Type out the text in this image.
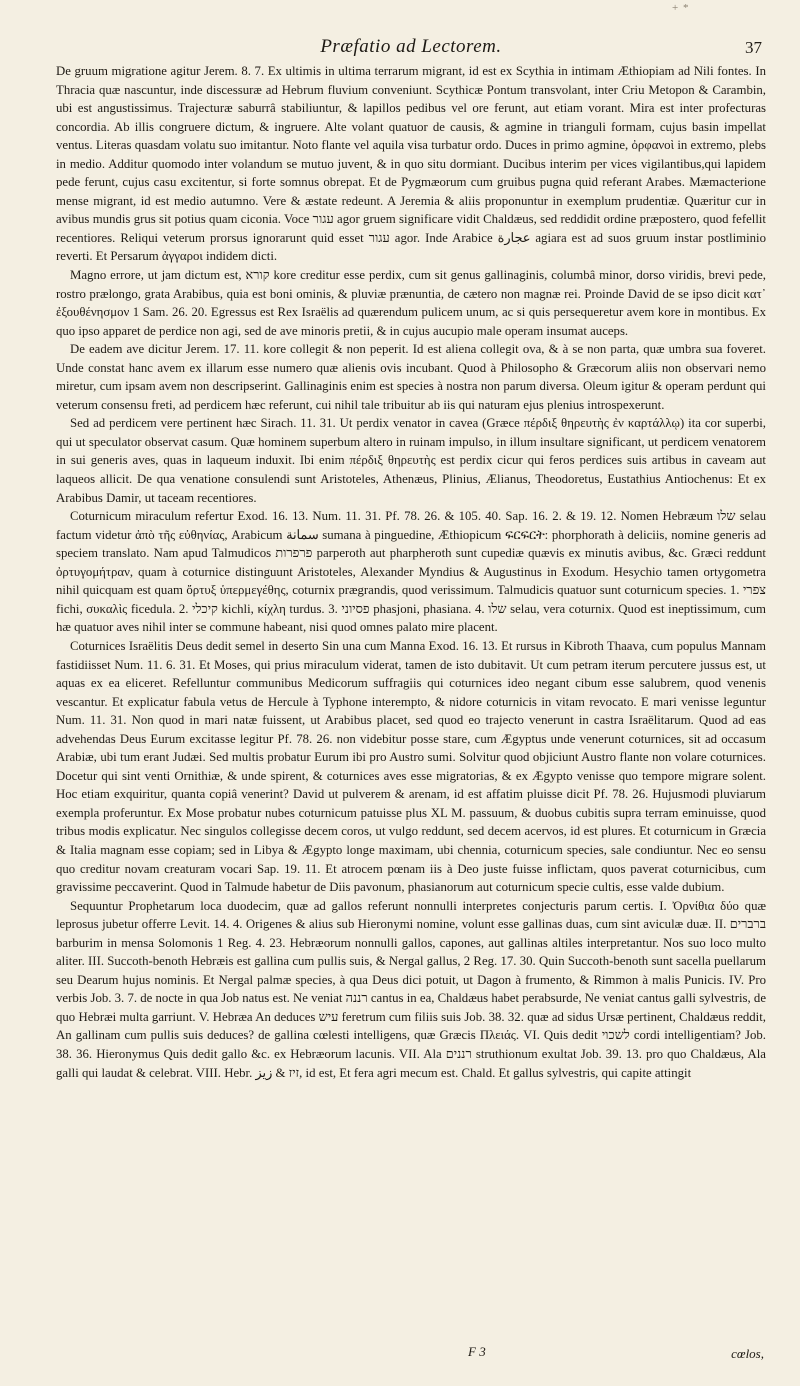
+ *
Præfatio ad Lectorem.	37

De gruum migratione agitur Jerem. 8. 7. Ex ultimis in ultima terrarum migrant, id est ex Scythia in intimam Æthiopiam ad Nili fontes. In Thracia quæ nascuntur, inde discessuræ ad Hebrum fluvium conveniunt. Scythicæ Pontum transvolant, inter Criu Metopon & Carambin, ubi est angustissimus. Trajecturæ saburrâ stabiliuntur, & lapillos pedibus vel ore ferunt, aut etiam vorant. Mira est inter profecturas concordia. Ab illis congruere dictum, & ingruere. Alte volant quatuor de causis, & agmine in trianguli formam, cujus basin impellat ventus. Literas quasdam volatu suo imitantur. Noto flante vel aquila visa turbatur ordo. Duces in primo agmine, ὀρφανοὶ in extremo, plebs in medio. Additur quomodo inter volandum se mutuo juvent, & in quo situ dormiant. Ducibus interim per vices vigilantibus,qui lapidem pede ferunt, cujus casu excitentur, si forte somnus obrepat. Et de Pygmæorum cum gruibus pugna quid referant Arabes. Mæmacterione mense migrant, id est medio autumno. Vere & æstate redeunt. A Jeremia & aliis proponuntur in exemplum prudentiæ. Quæritur cur in avibus mundis grus sit potius quam ciconia. Voce עגור agor gruem significare vidit Chaldæus, sed reddidit ordine præpostero, quod fefellit recentiores. Reliqui veterum prorsus ignorarunt quid esset עגור agor. Inde Arabice عجارة agiara est ad suos gruum instar postliminio reverti. Et Persarum ἀγγαροι indidem dicti.

Magno errore, ut jam dictum est, קורא kore creditur esse perdix, cum sit genus gallinaginis, columbâ minor, dorso viridis, brevi pede, rostro prælongo, grata Arabibus, quia est boni ominis, & pluviæ prænuntia, de cætero non magnæ rei. Proinde David de se ipso dicit κατ᾽ ἐξουθένησμον 1 Sam. 26. 20. Egressus est Rex Israëlis ad quærendum pulicem unum, ac si quis persequeretur avem kore in montibus. Ex quo ipso apparet de perdice non agi, sed de ave minoris pretii, & in cujus aucupio male operam insumat auceps.

De eadem ave dicitur Jerem. 17. 11. kore collegit & non peperit. Id est aliena collegit ova, & à se non parta, quæ umbra sua foveret. Unde constat hanc avem ex illarum esse numero quæ alienis ovis incubant. Quod à Philosopho & Græcorum aliis non observari nemo miretur, cum ipsam avem non descripserint. Gallinaginis enim est species à nostra non parum diversa. Oleum igitur & operam perdunt qui veterum consensu freti, ad perdicem hæc referunt, cui nihil tale tribuitur ab iis qui naturam ejus plenius introspexerunt.

Sed ad perdicem vere pertinent hæc Sirach. 11. 31. Ut perdix venator in cavea (Græce πέρδιξ θηρευτὴς ἐν καρτάλλῳ) ita cor superbi, qui ut speculator observat casum. Quæ hominem superbum altero in ruinam impulso, in illum insultare significant, ut perdicem venatorem in sui generis aves, quas in laqueum induxit. Ibi enim πέρδιξ θηρευτὴς est perdix cicur qui feros perdices suis artibus in caveam aut laqueos allicit. De qua venatione consulendi sunt Aristoteles, Athenæus, Plinius, Ælianus, Theodoretus, Eustathius Antiochenus: Et ex Arabibus Damir, ut taceam recentiores.

Coturnicum miraculum refertur Exod. 16. 13. Num. 11. 31. Pf. 78. 26. & 105. 40. Sap. 16. 2. & 19. 12. Nomen Hebræum שלו selau factum videtur ἀπὸ τῆς εὐθηνίας, Arabicum سمانة sumana à pinguedine, Æthiopicum ፍርፍርት: phorphorath à deliciis, nomine generis ad speciem translato. Nam apud Talmudicos פרפרות parperoth aut pharpheroth sunt cupediæ quævis ex minutis avibus, &c. Græci reddunt ὀρτυγομήτραν, quam à coturnice distinguunt Aristoteles, Alexander Myndius & Augustinus in Exodum. Hesychio tamen ortygometra nihil quicquam est quam ὄρτυξ ὑπερμεγέθης, coturnix prægrandis, quod verissimum. Talmudicis quatuor sunt coturnicum species. 1. צפרי fichi, συκαλὶς ficedula. 2. קיכלי kichli, κίχλη turdus. 3. פסיוני phasjoni, phasiana. 4. שלו selau, vera coturnix. Quod est ineptissimum, cum hæ quatuor aves nihil inter se commune habeant, nisi quod omnes palato mire placent.

Coturnices Israëlitis Deus dedit semel in deserto Sin una cum Manna Exod. 16. 13. Et rursus in Kibroth Thaava, cum populus Mannam fastidiisset Num. 11. 6. 31. Et Moses, qui prius miraculum viderat, tamen de isto dubitavit. Ut cum petram iterum percutere jussus est, ut aquas ex ea eliceret. Refelluntur communibus Medicorum suffragiis qui coturnices ideo negant cibum esse salubrem, quod venenis vescantur. Et explicatur fabula vetus de Hercule à Typhone interempto, & nidore coturnicis in vitam revocato. E mari venisse leguntur Num. 11. 31. Non quod in mari natæ fuissent, ut Arabibus placet, sed quod eo trajecto venerunt in castra Israëlitarum. Quod ad eas advehendas Deus Eurum excitasse legitur Pf. 78. 26. non videbitur posse stare, cum Ægyptus unde venerunt coturnices, sit ad occasum Arabiæ, ubi tum erant Judæi. Sed multis probatur Eurum ibi pro Austro sumi. Solvitur quod objiciunt Austro flante non volare coturnices. Docetur qui sint venti Ornithiæ, & unde spirent, & coturnices aves esse migratorias, & ex Ægypto venisse quo tempore migrare solent. Hoc etiam exquiritur, quanta copiâ venerint? David ut pulverem & arenam, id est affatim pluisse dicit Pf. 78. 26. Hujusmodi pluviarum exempla proferuntur. Ex Mose probatur nubes coturnicum patuisse plus XL M. passuum, & duobus cubitis supra terram eminuisse, quod tribus modis explicatur. Nec singulos collegisse decem coros, ut vulgo reddunt, sed decem acervos, id est plures. Et coturnicum in Græcia & Italia magnam esse copiam; sed in Libya & Ægypto longe maximam, ubi chennia, coturnicum species, sale condiuntur. Nec eo sensu quo creditur novam creaturam vocari Sap. 19. 11. Et atrocem pœnam iis à Deo juste fuisse inflictam, quos paverat coturnicibus, cum gravissime peccaverint. Quod in Talmude habetur de Diis pavonum, phasianorum aut coturnicum specie cultis, esse valde dubium.

Sequuntur Prophetarum loca duodecim, quæ ad gallos referunt nonnulli interpretes conjecturis parum certis. I. Ὀρνίθια δύο quæ leprosus jubetur offerre Levit. 14. 4. Origenes & alius sub Hieronymi nomine, volunt esse gallinas duas, cum sint aviculæ duæ. II. ברברים barburim in mensa Solomonis 1 Reg. 4. 23. Hebræorum nonnulli gallos, capones, aut gallinas altiles interpretantur. Nos suo loco multo aliter. III. Succoth-benoth Hebræis est gallina cum pullis suis, & Nergal gallus, 2 Reg. 17. 30. Quin Succoth-benoth sunt sacella puellarum seu Dearum hujus nominis. Et Nergal palmæ species, à qua Deus dici potuit, ut Dagon à frumento, & Rimmon à malis Punicis. IV. Pro verbis Job. 3. 7. de nocte in qua Job natus est. Ne veniat רננה cantus in ea, Chaldæus habet perabsurde, Ne veniat cantus galli sylvestris, de quo Hebræi multa garriunt. V. Hebræa An deduces עיש feretrum cum filiis suis Job. 38. 32. quæ ad sidus Ursæ pertinent, Chaldæus reddit, An gallinam cum pullis suis deduces? de gallina cœlesti intelligens, quæ Græcis Πλειάς. VI. Quis dedit לשכוי cordi intelligentiam? Job. 38. 36. Hieronymus Quis dedit gallo &c. ex Hebræorum lacunis. VII. Ala רננים struthionum exultat Job. 39. 13. pro quo Chaldæus, Ala galli qui laudat & celebrat. VIII. Hebr. זיז & زيز, id est, Et fera agri mecum est. Chald. Et gallus sylvestris, qui capite attingit

F 3	cœlos,
